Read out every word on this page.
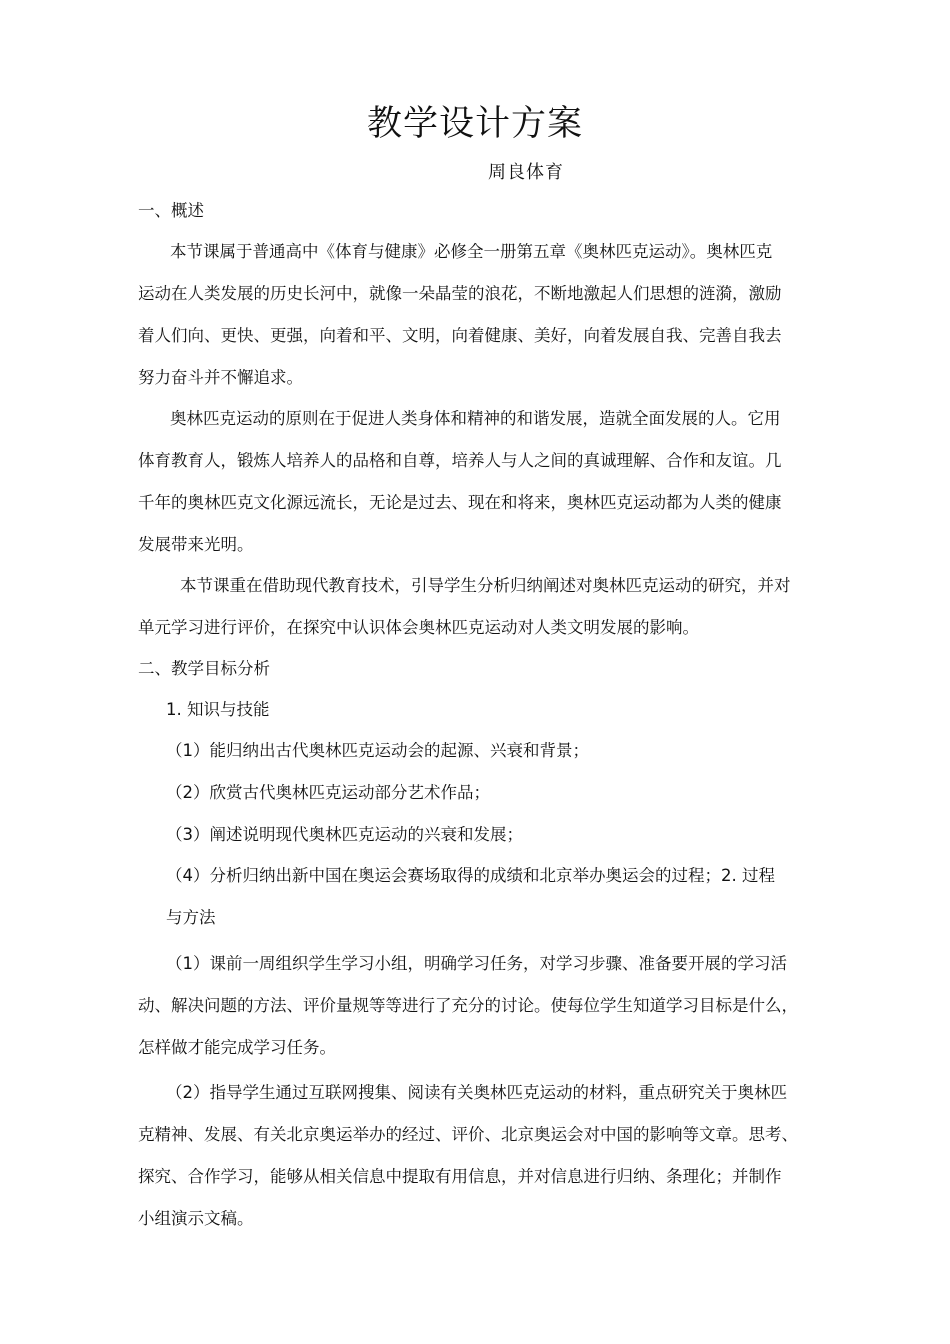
教学设计方案
周良体育
一、概述
本节课属于普通高中《体育与健康》必修全一册第五章《奥林匹克运动》。奥林匹克
运动在人类发展的历史长河中，就像一朵晶莹的浪花，不断地激起人们思想的涟漪，激励
着人们向、更快、更强，向着和平、文明，向着健康、美好，向着发展自我、完善自我去
努力奋斗并不懈追求。
奥林匹克运动的原则在于促进人类身体和精神的和谐发展，造就全面发展的人。它用
体育教育人，锻炼人培养人的品格和自尊，培养人与人之间的真诚理解、合作和友谊。几
千年的奥林匹克文化源远流长，无论是过去、现在和将来，奥林匹克运动都为人类的健康
发展带来光明。
本节课重在借助现代教育技术，引导学生分析归纳阐述对奥林匹克运动的研究，并对
单元学习进行评价，在探究中认识体会奥林匹克运动对人类文明发展的影响。
二、教学目标分析
1. 知识与技能
（1）能归纳出古代奥林匹克运动会的起源、兴衰和背景；
（2）欣赏古代奥林匹克运动部分艺术作品；
（3）阐述说明现代奥林匹克运动的兴衰和发展；
（4）分析归纳出新中国在奥运会赛场取得的成绩和北京举办奥运会的过程；2. 过程
与方法
（1）课前一周组织学生学习小组，明确学习任务，对学习步骤、准备要开展的学习活
动、解决问题的方法、评价量规等等进行了充分的讨论。使每位学生知道学习目标是什么，
怎样做才能完成学习任务。
（2）指导学生通过互联网搜集、阅读有关奥林匹克运动的材料，重点研究关于奥林匹
克精神、发展、有关北京奥运举办的经过、评价、北京奥运会对中国的影响等文章。思考、
探究、合作学习，能够从相关信息中提取有用信息，并对信息进行归纳、条理化；并制作
小组演示文稿。
